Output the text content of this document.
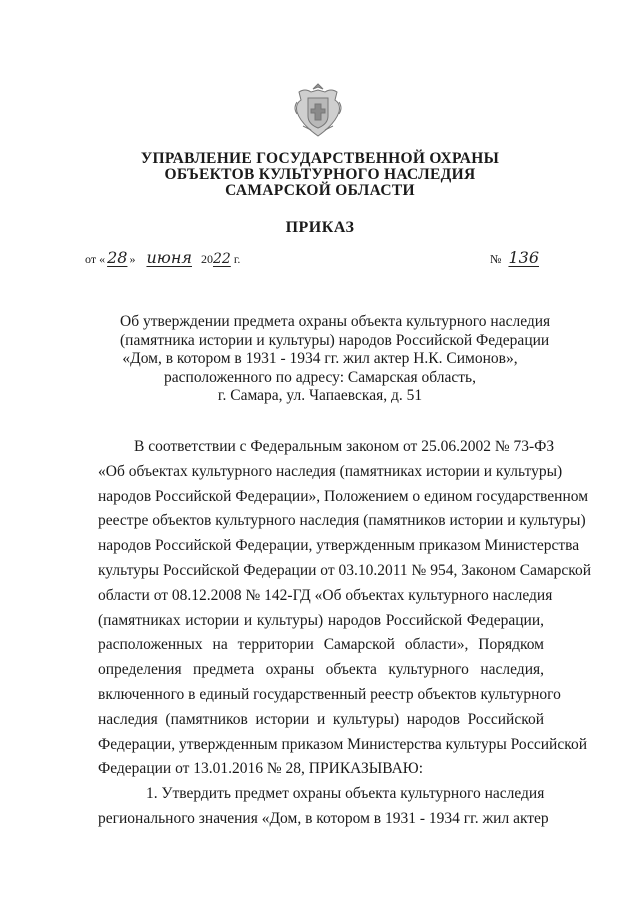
УПРАВЛЕНИЕ ГОСУДАРСТВЕННОЙ ОХРАНЫ
ОБЪЕКТОВ КУЛЬТУРНОГО НАСЛЕДИЯ
САМАРСКОЙ ОБЛАСТИ
ПРИКАЗ
от « 28 » июня 2022 г.	№ 136
Об утверждении предмета охраны объекта культурного наследия
(памятника истории и культуры) народов Российской Федерации
«Дом, в котором в 1931 - 1934 гг. жил актер Н.К. Симонов»,
расположенного по адресу: Самарская область,
г. Самара, ул. Чапаевская, д. 51
В соответствии с Федеральным законом от 25.06.2002 № 73-ФЗ
«Об объектах культурного наследия (памятниках истории и культуры)
народов Российской Федерации», Положением о едином государственном
реестре объектов культурного наследия (памятников истории и культуры)
народов Российской Федерации, утвержденным приказом Министерства
культуры Российской Федерации от 03.10.2011 № 954, Законом Самарской
области от 08.12.2008 № 142-ГД «Об объектах культурного наследия
(памятниках истории и культуры) народов Российской Федерации,
расположенных на территории Самарской области», Порядком
определения предмета охраны объекта культурного наследия,
включенного в единый государственный реестр объектов культурного
наследия (памятников истории и культуры) народов Российской
Федерации, утвержденным приказом Министерства культуры Российской
Федерации от 13.01.2016 № 28, ПРИКАЗЫВАЮ:
1. Утвердить предмет охраны объекта культурного наследия
регионального значения «Дом, в котором в 1931 - 1934 гг. жил актер
